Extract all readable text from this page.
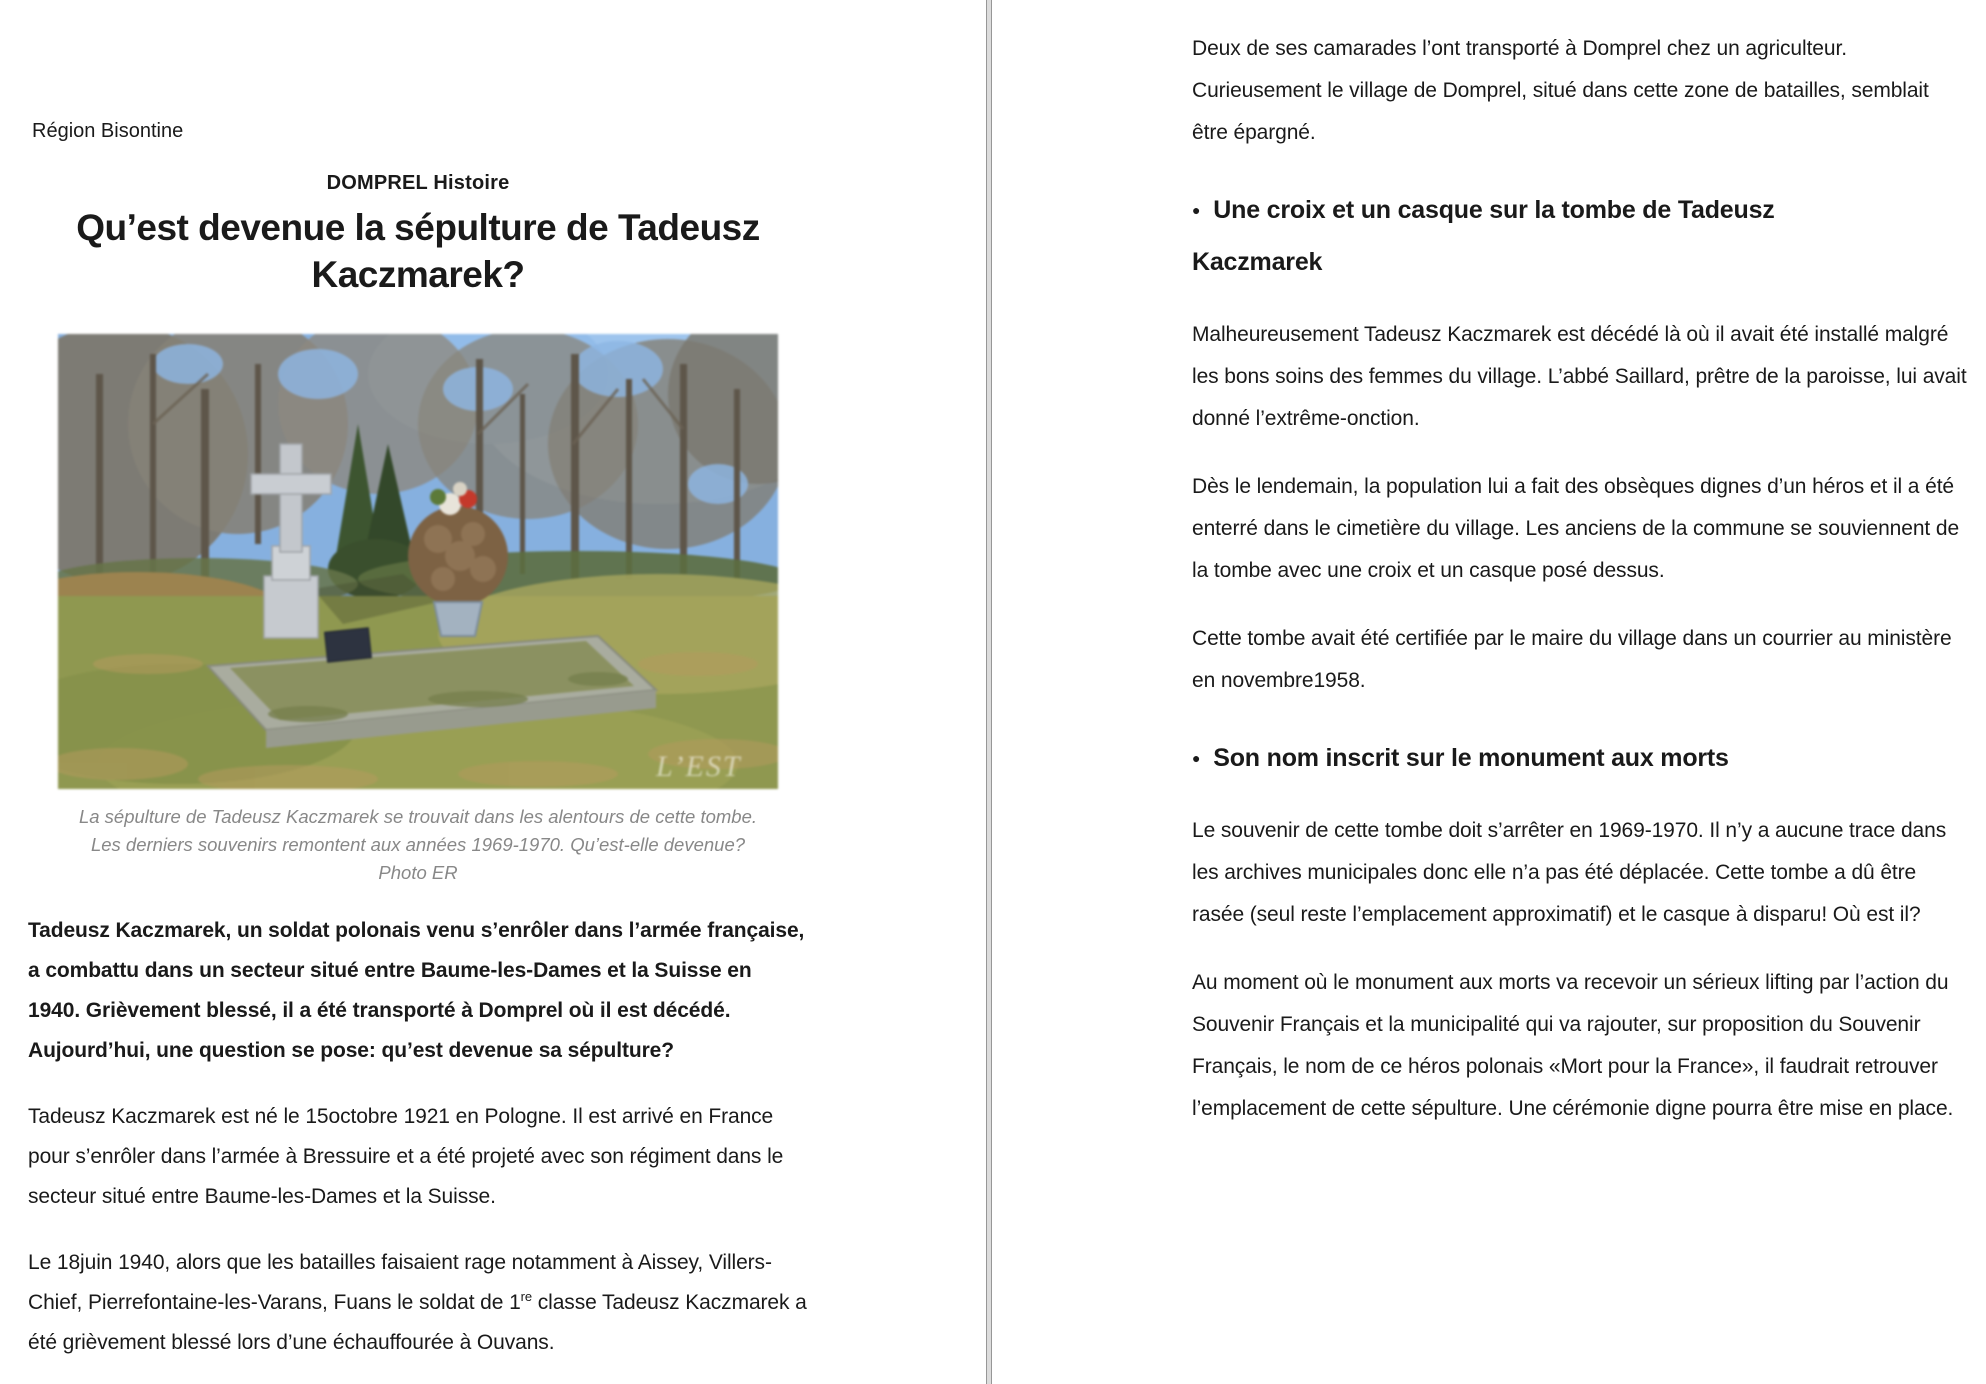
Région Bisontine
DOMPREL Histoire
Qu’est devenue la sépulture de Tadeusz Kaczmarek?
L’EST
La sépulture de Tadeusz Kaczmarek se trouvait dans les alentours de cette tombe. Les derniers souvenirs remontent aux années 1969-1970. Qu’est-elle devenue? Photo ER

Tadeusz Kaczmarek, un soldat polonais venu s’enrôler dans l’armée française, a combattu dans un secteur situé entre Baume-les-Dames et la Suisse en 1940. Grièvement blessé, il a été transporté à Domprel où il est décédé. Aujourd’hui, une question se pose: qu’est devenue sa sépulture?

Tadeusz Kaczmarek est né le 15octobre 1921 en Pologne. Il est arrivé en France pour s’enrôler dans l’armée à Bressuire et a été projeté avec son régiment dans le secteur situé entre Baume-les-Dames et la Suisse.

Le 18juin 1940, alors que les batailles faisaient rage notamment à Aissey, Villers-Chief, Pierrefontaine-les-Varans, Fuans le soldat de 1re classe Tadeusz Kaczmarek a été grièvement blessé lors d’une échauffourée à Ouvans.

Deux de ses camarades l’ont transporté à Domprel chez un agriculteur. Curieusement le village de Domprel, situé dans cette zone de batailles, semblait être épargné.

● Une croix et un casque sur la tombe de Tadeusz Kaczmarek

Malheureusement Tadeusz Kaczmarek est décédé là où il avait été installé malgré les bons soins des femmes du village. L’abbé Saillard, prêtre de la paroisse, lui avait donné l’extrême-onction.

Dès le lendemain, la population lui a fait des obsèques dignes d’un héros et il a été enterré dans le cimetière du village. Les anciens de la commune se souviennent de la tombe avec une croix et un casque posé dessus.

Cette tombe avait été certifiée par le maire du village dans un courrier au ministère en novembre1958.

● Son nom inscrit sur le monument aux morts

Le souvenir de cette tombe doit s’arrêter en 1969-1970. Il n’y a aucune trace dans les archives municipales donc elle n’a pas été déplacée. Cette tombe a dû être rasée (seul reste l’emplacement approximatif) et le casque à disparu! Où est il?

Au moment où le monument aux morts va recevoir un sérieux lifting par l’action du Souvenir Français et la municipalité qui va rajouter, sur proposition du Souvenir Français, le nom de ce héros polonais «Mort pour la France», il faudrait retrouver l’emplacement de cette sépulture. Une cérémonie digne pourra être mise en place.
